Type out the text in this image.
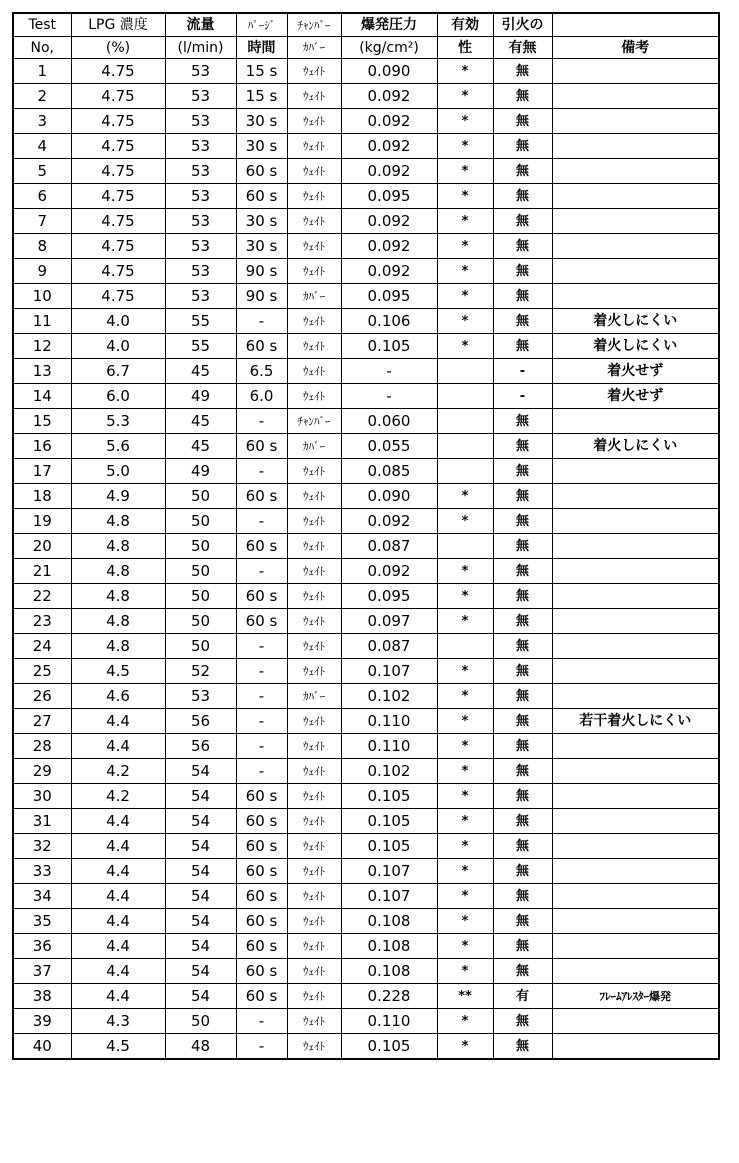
Test	LPG 濃度	流量	ﾊﾟｰｼﾞ	ﾁｬﾝﾊﾞｰ	爆発圧力	有効	引火の	
No,	(%)	(l/min)	時間	ｶﾊﾞｰ	(kg/cm²)	性	有無	備考
1	4.75	53	15 s	ｳｪｲﾄ	0.090	*	無	
2	4.75	53	15 s	ｳｪｲﾄ	0.092	*	無	
3	4.75	53	30 s	ｳｪｲﾄ	0.092	*	無	
4	4.75	53	30 s	ｳｪｲﾄ	0.092	*	無	
5	4.75	53	60 s	ｳｪｲﾄ	0.092	*	無	
6	4.75	53	60 s	ｳｪｲﾄ	0.095	*	無	
7	4.75	53	30 s	ｳｪｲﾄ	0.092	*	無	
8	4.75	53	30 s	ｳｪｲﾄ	0.092	*	無	
9	4.75	53	90 s	ｳｪｲﾄ	0.092	*	無	
10	4.75	53	90 s	ｶﾊﾞｰ	0.095	*	無	
11	4.0	55	-	ｳｪｲﾄ	0.106	*	無	着火しにくい
12	4.0	55	60 s	ｳｪｲﾄ	0.105	*	無	着火しにくい
13	6.7	45	6.5	ｳｪｲﾄ	-		-	着火せず
14	6.0	49	6.0	ｳｪｲﾄ	-		-	着火せず
15	5.3	45	-	ﾁｬﾝﾊﾞｰ	0.060		無	
16	5.6	45	60 s	ｶﾊﾞｰ	0.055		無	着火しにくい
17	5.0	49	-	ｳｪｲﾄ	0.085		無	
18	4.9	50	60 s	ｳｪｲﾄ	0.090	*	無	
19	4.8	50	-	ｳｪｲﾄ	0.092	*	無	
20	4.8	50	60 s	ｳｪｲﾄ	0.087		無	
21	4.8	50	-	ｳｪｲﾄ	0.092	*	無	
22	4.8	50	60 s	ｳｪｲﾄ	0.095	*	無	
23	4.8	50	60 s	ｳｪｲﾄ	0.097	*	無	
24	4.8	50	-	ｳｪｲﾄ	0.087		無	
25	4.5	52	-	ｳｪｲﾄ	0.107	*	無	
26	4.6	53	-	ｶﾊﾞｰ	0.102	*	無	
27	4.4	56	-	ｳｪｲﾄ	0.110	*	無	若干着火しにくい
28	4.4	56	-	ｳｪｲﾄ	0.110	*	無	
29	4.2	54	-	ｳｪｲﾄ	0.102	*	無	
30	4.2	54	60 s	ｳｪｲﾄ	0.105	*	無	
31	4.4	54	60 s	ｳｪｲﾄ	0.105	*	無	
32	4.4	54	60 s	ｳｪｲﾄ	0.105	*	無	
33	4.4	54	60 s	ｳｪｲﾄ	0.107	*	無	
34	4.4	54	60 s	ｳｪｲﾄ	0.107	*	無	
35	4.4	54	60 s	ｳｪｲﾄ	0.108	*	無	
36	4.4	54	60 s	ｳｪｲﾄ	0.108	*	無	
37	4.4	54	60 s	ｳｪｲﾄ	0.108	*	無	
38	4.4	54	60 s	ｳｪｲﾄ	0.228	**	有	ﾌﾚｰﾑｱﾚｽﾀｰ爆発
39	4.3	50	-	ｳｪｲﾄ	0.110	*	無	
40	4.5	48	-	ｳｪｲﾄ	0.105	*	無	
